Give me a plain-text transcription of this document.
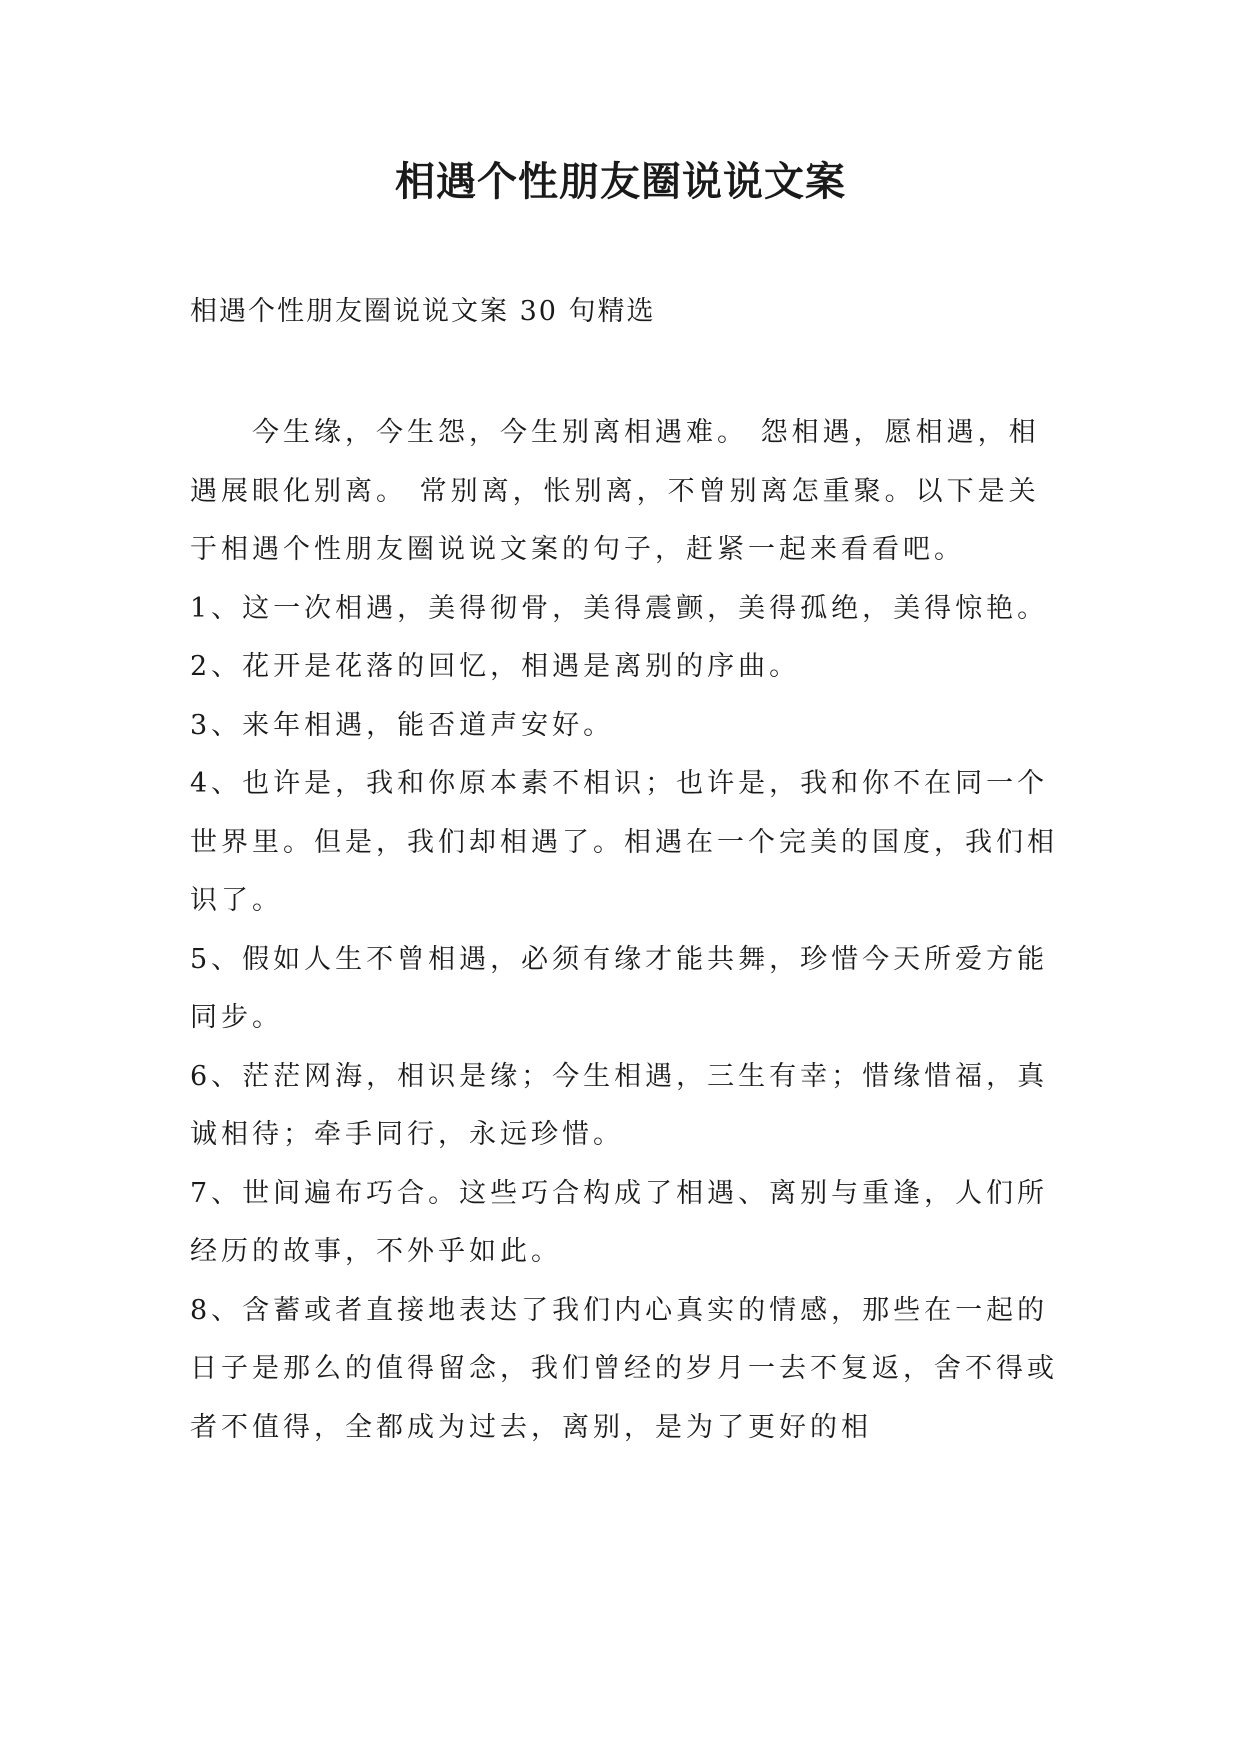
相遇个性朋友圈说说文案

相遇个性朋友圈说说文案 30 句精选

今生缘，今生怨，今生别离相遇难。 怨相遇，愿相遇，相遇展眼化别离。 常别离，怅别离，不曾别离怎重聚。以下是关于相遇个性朋友圈说说文案的句子，赶紧一起来看看吧。

1、这一次相遇，美得彻骨，美得震颤，美得孤绝，美得惊艳。

2、花开是花落的回忆，相遇是离别的序曲。

3、来年相遇，能否道声安好。

4、也许是，我和你原本素不相识；也许是，我和你不在同一个世界里。但是，我们却相遇了。相遇在一个完美的国度，我们相识了。

5、假如人生不曾相遇，必须有缘才能共舞，珍惜今天所爱方能同步。

6、茫茫网海，相识是缘；今生相遇，三生有幸；惜缘惜福，真诚相待；牵手同行，永远珍惜。

7、世间遍布巧合。这些巧合构成了相遇、离别与重逢，人们所经历的故事，不外乎如此。

8、含蓄或者直接地表达了我们内心真实的情感，那些在一起的日子是那么的值得留念，我们曾经的岁月一去不复返，舍不得或者不值得，全都成为过去，离别，是为了更好的相
